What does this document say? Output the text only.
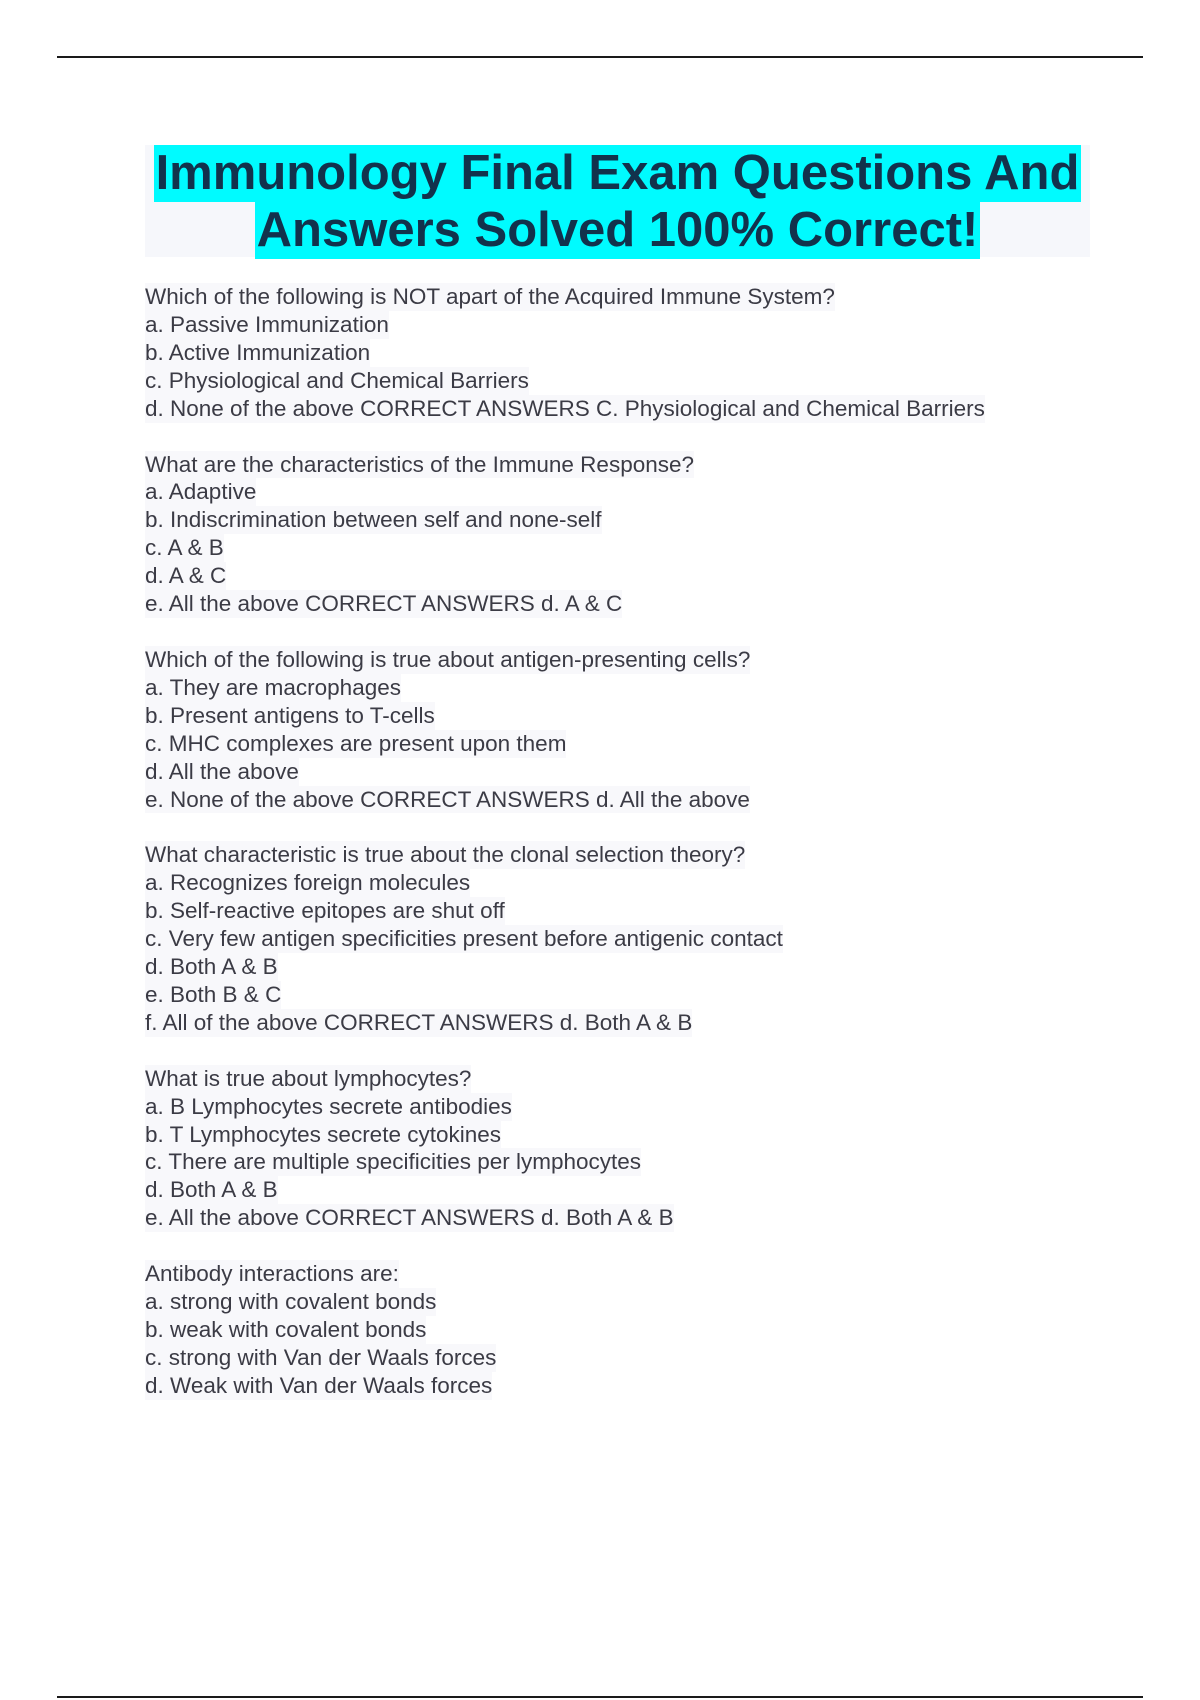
Immunology Final Exam Questions And
Answers Solved 100% Correct!
Which of the following is NOT apart of the Acquired Immune System?
a. Passive Immunization
b. Active Immunization
c. Physiological and Chemical Barriers
d. None of the above CORRECT ANSWERS C. Physiological and Chemical Barriers
What are the characteristics of the Immune Response?
a. Adaptive
b. Indiscrimination between self and none-self
c. A & B
d. A & C
e. All the above CORRECT ANSWERS d. A & C
Which of the following is true about antigen-presenting cells?
a. They are macrophages
b. Present antigens to T-cells
c. MHC complexes are present upon them
d. All the above
e. None of the above CORRECT ANSWERS d. All the above
What characteristic is true about the clonal selection theory?
a. Recognizes foreign molecules
b. Self-reactive epitopes are shut off
c. Very few antigen specificities present before antigenic contact
d. Both A & B
e. Both B & C
f. All of the above CORRECT ANSWERS d. Both A & B
What is true about lymphocytes?
a. B Lymphocytes secrete antibodies
b. T Lymphocytes secrete cytokines
c. There are multiple specificities per lymphocytes
d. Both A & B
e. All the above CORRECT ANSWERS d. Both A & B
Antibody interactions are:
a. strong with covalent bonds
b. weak with covalent bonds
c. strong with Van der Waals forces
d. Weak with Van der Waals forces
